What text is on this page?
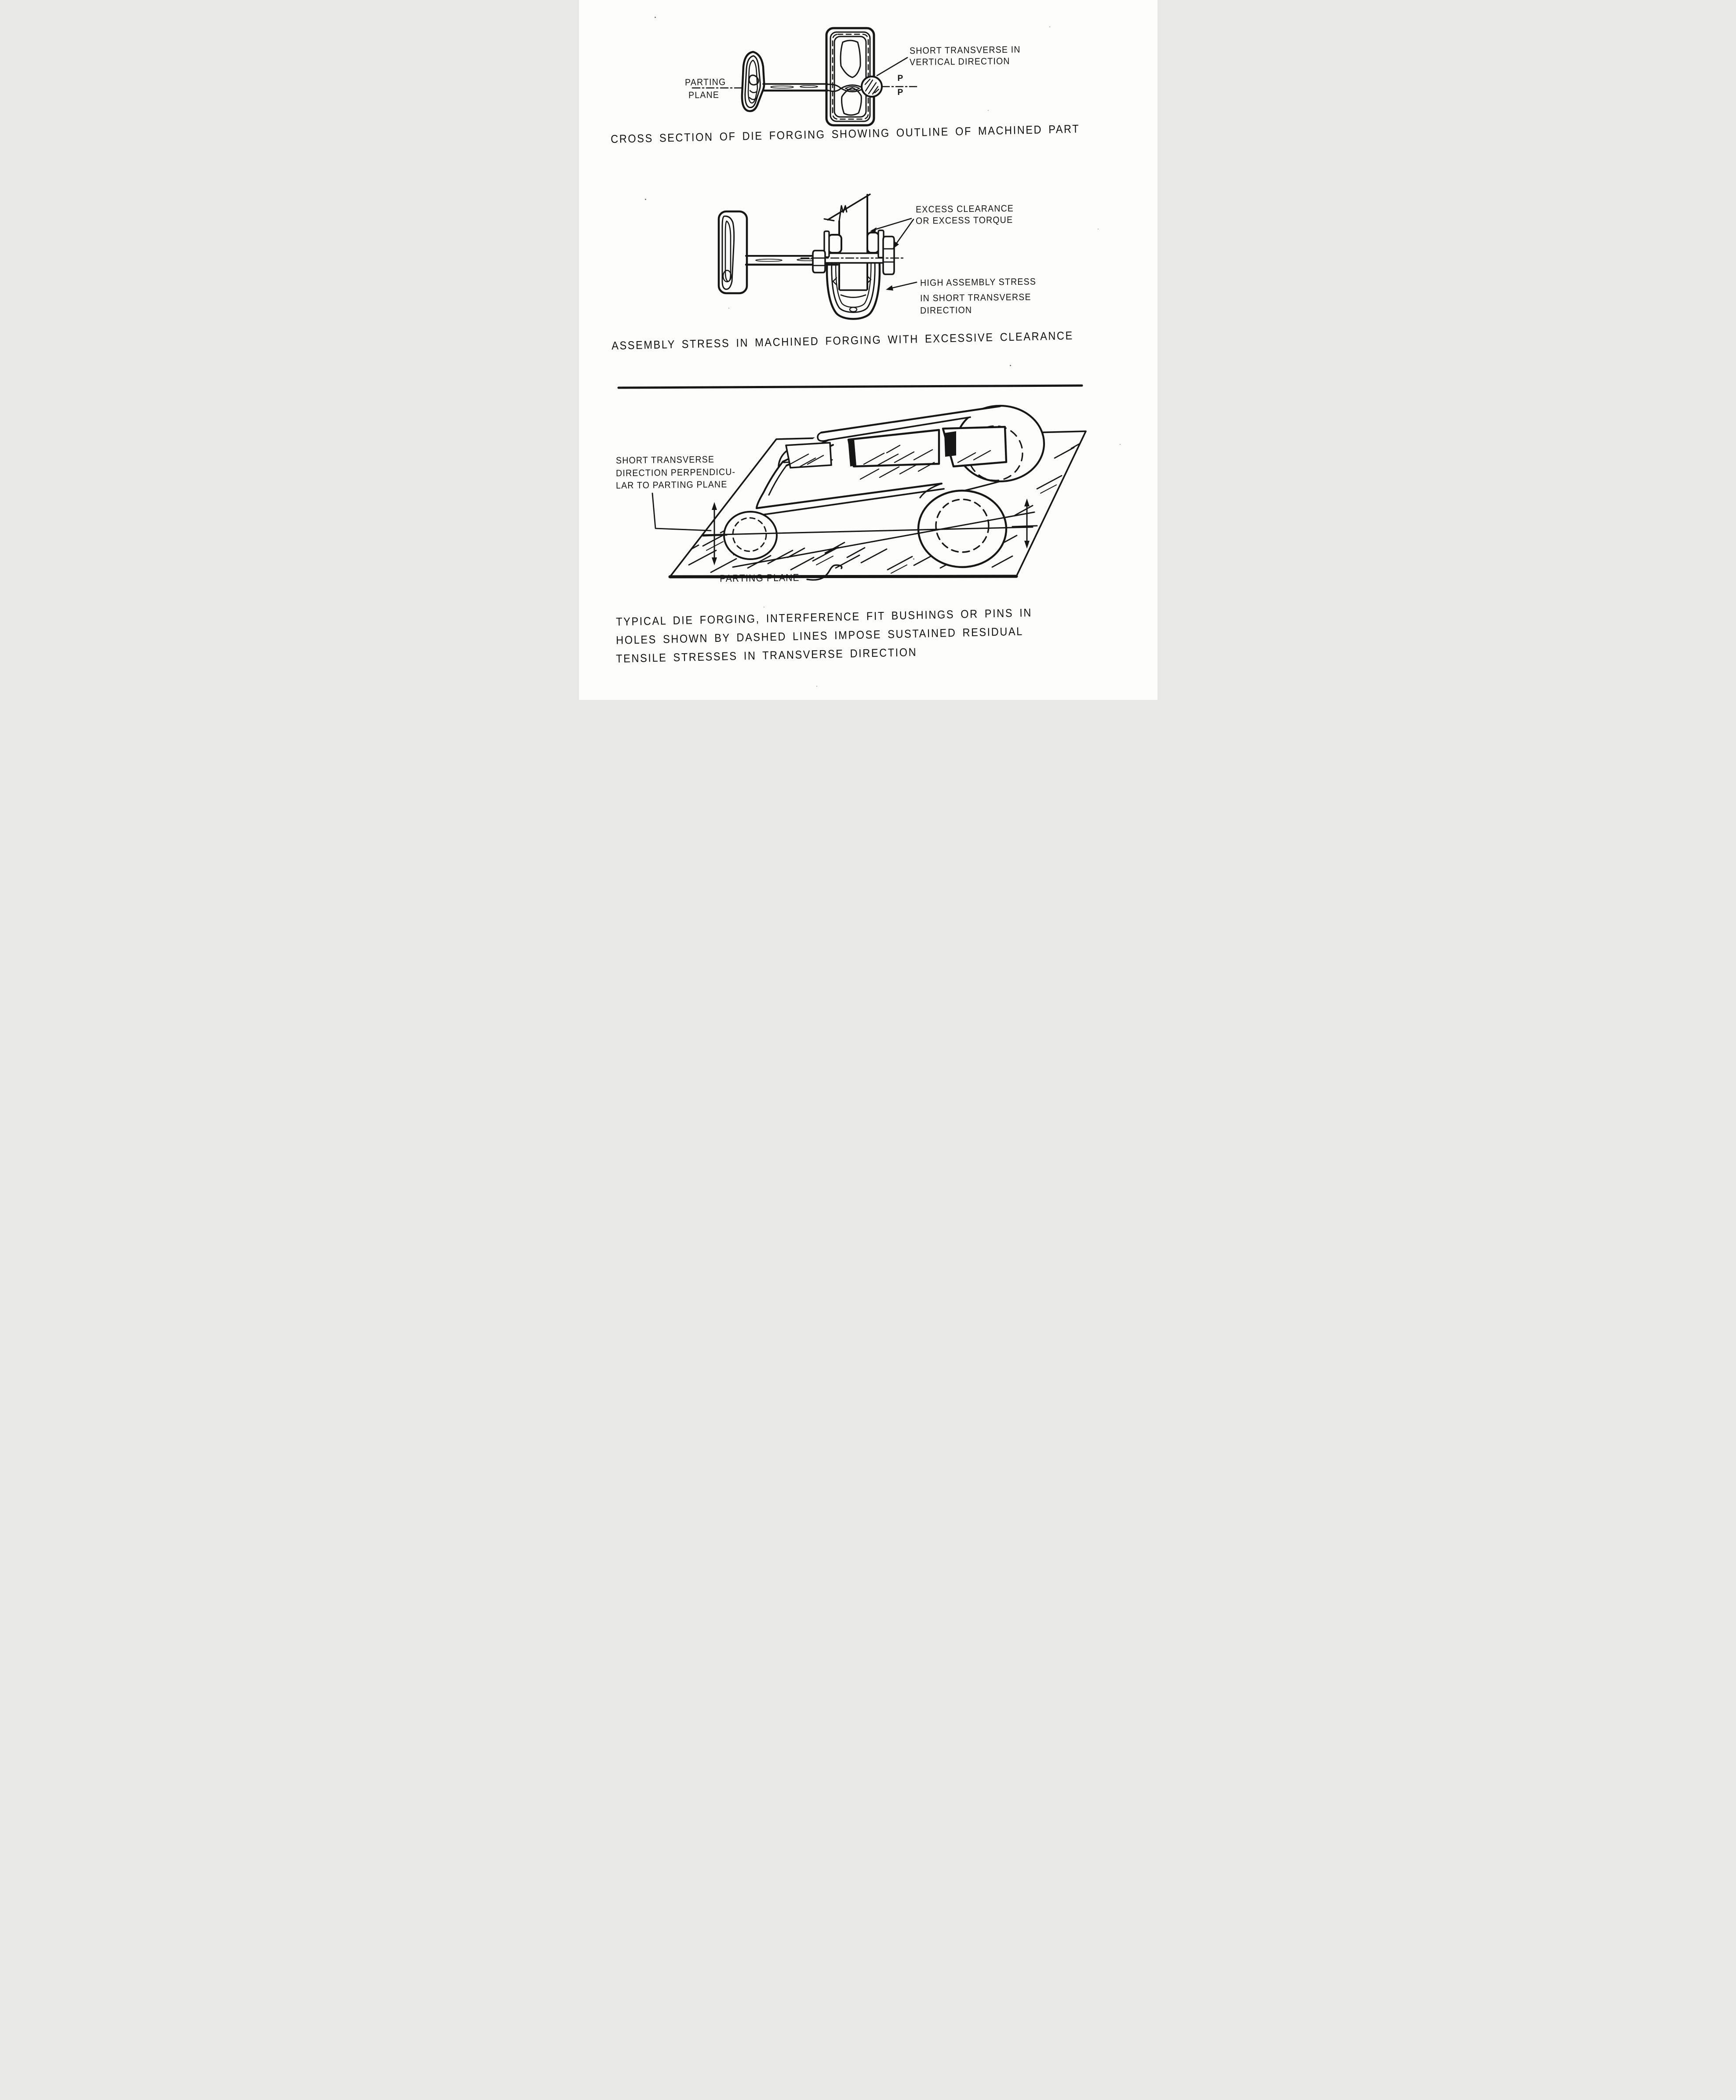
PARTING
PLANE
SHORT TRANSVERSE IN
VERTICAL DIRECTION
P
P
CROSS SECTION OF DIE FORGING SHOWING OUTLINE OF MACHINED PART
EXCESS CLEARANCE
OR EXCESS TORQUE
HIGH ASSEMBLY STRESS
IN SHORT TRANSVERSE
DIRECTION
ASSEMBLY STRESS IN MACHINED FORGING WITH EXCESSIVE CLEARANCE
SHORT TRANSVERSE
DIRECTION PERPENDICU-
LAR TO PARTING PLANE
PARTING PLANE
TYPICAL DIE FORGING, INTERFERENCE FIT BUSHINGS OR PINS IN
HOLES SHOWN BY DASHED LINES IMPOSE SUSTAINED RESIDUAL
TENSILE STRESSES IN TRANSVERSE DIRECTION
